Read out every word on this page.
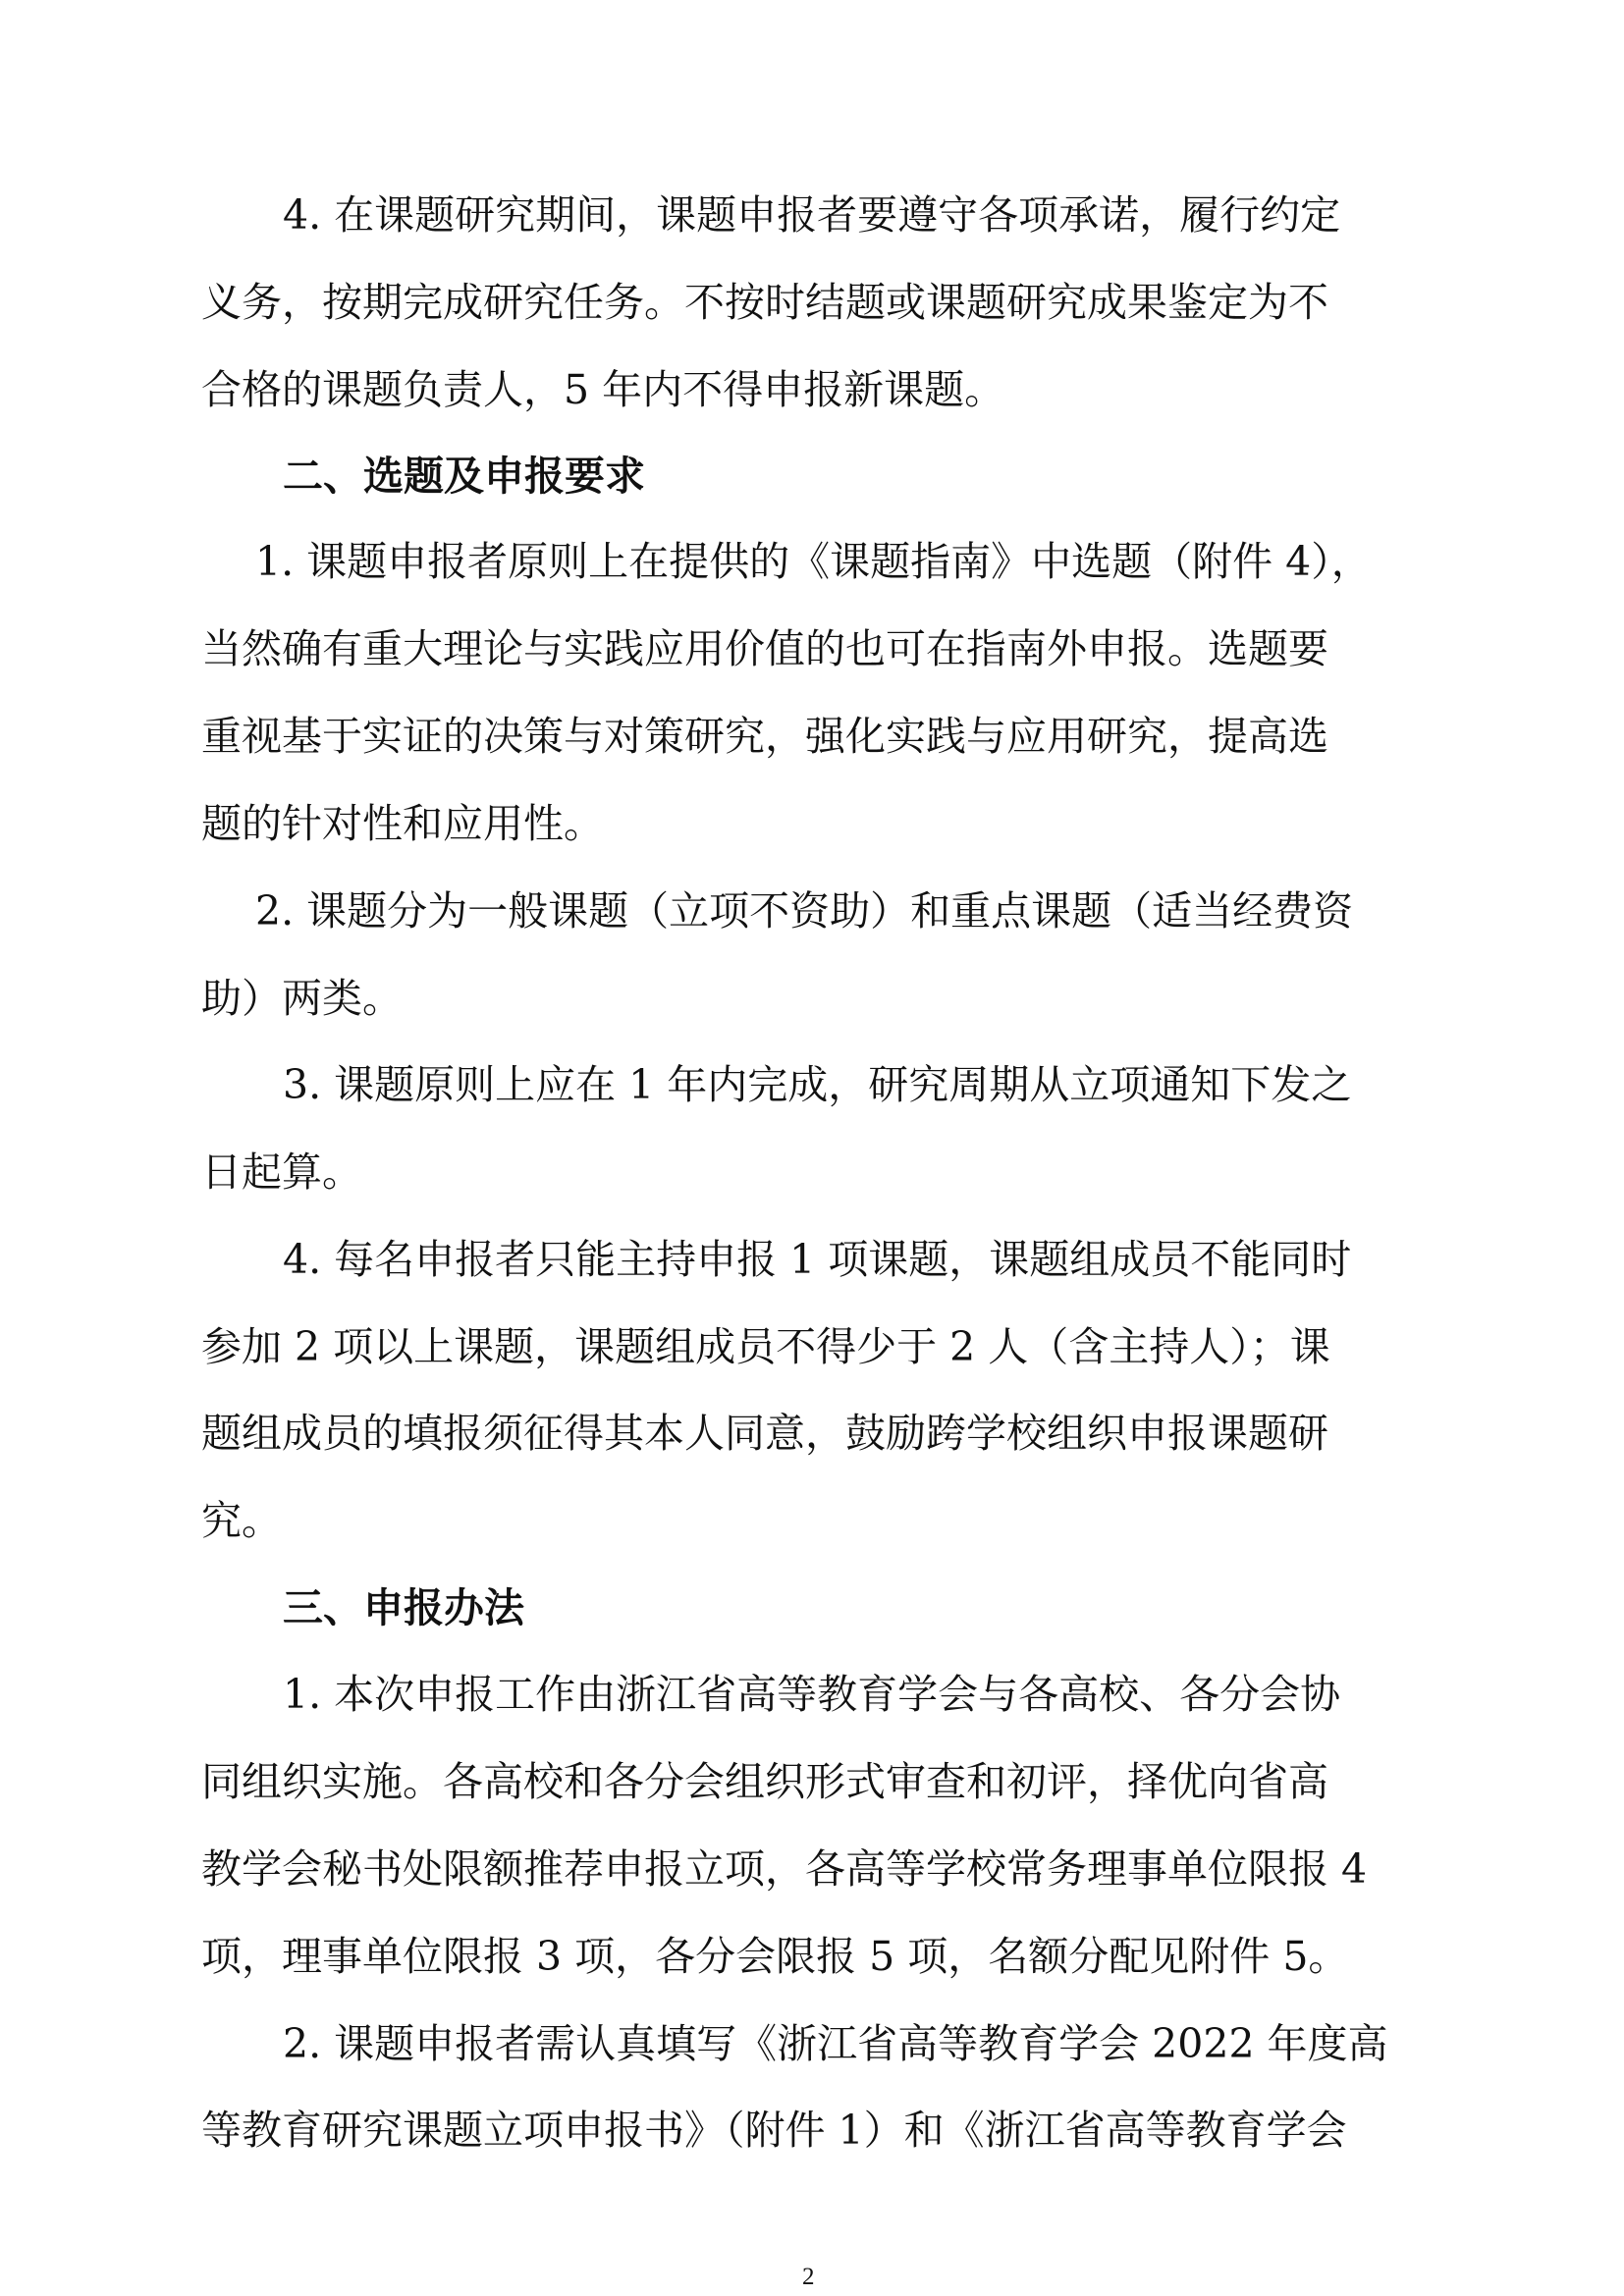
4. 在课题研究期间，课题申报者要遵守各项承诺，履行约定
义务，按期完成研究任务。不按时结题或课题研究成果鉴定为不
合格的课题负责人，5 年内不得申报新课题。
二、选题及申报要求
1. 课题申报者原则上在提供的《课题指南》中选题（附件 4），
当然确有重大理论与实践应用价值的也可在指南外申报。选题要
重视基于实证的决策与对策研究，强化实践与应用研究，提高选
题的针对性和应用性。
2. 课题分为一般课题（立项不资助）和重点课题（适当经费资
助）两类。
3. 课题原则上应在 1 年内完成，研究周期从立项通知下发之
日起算。
4. 每名申报者只能主持申报 1 项课题，课题组成员不能同时
参加 2 项以上课题，课题组成员不得少于 2 人（含主持人）；课
题组成员的填报须征得其本人同意，鼓励跨学校组织申报课题研
究。
三、申报办法
1. 本次申报工作由浙江省高等教育学会与各高校、各分会协
同组织实施。各高校和各分会组织形式审查和初评，择优向省高
教学会秘书处限额推荐申报立项，各高等学校常务理事单位限报 4
项，理事单位限报 3 项，各分会限报 5 项，名额分配见附件 5。
2. 课题申报者需认真填写《浙江省高等教育学会 2022 年度高
等教育研究课题立项申报书》（附件 1）和《浙江省高等教育学会
2
